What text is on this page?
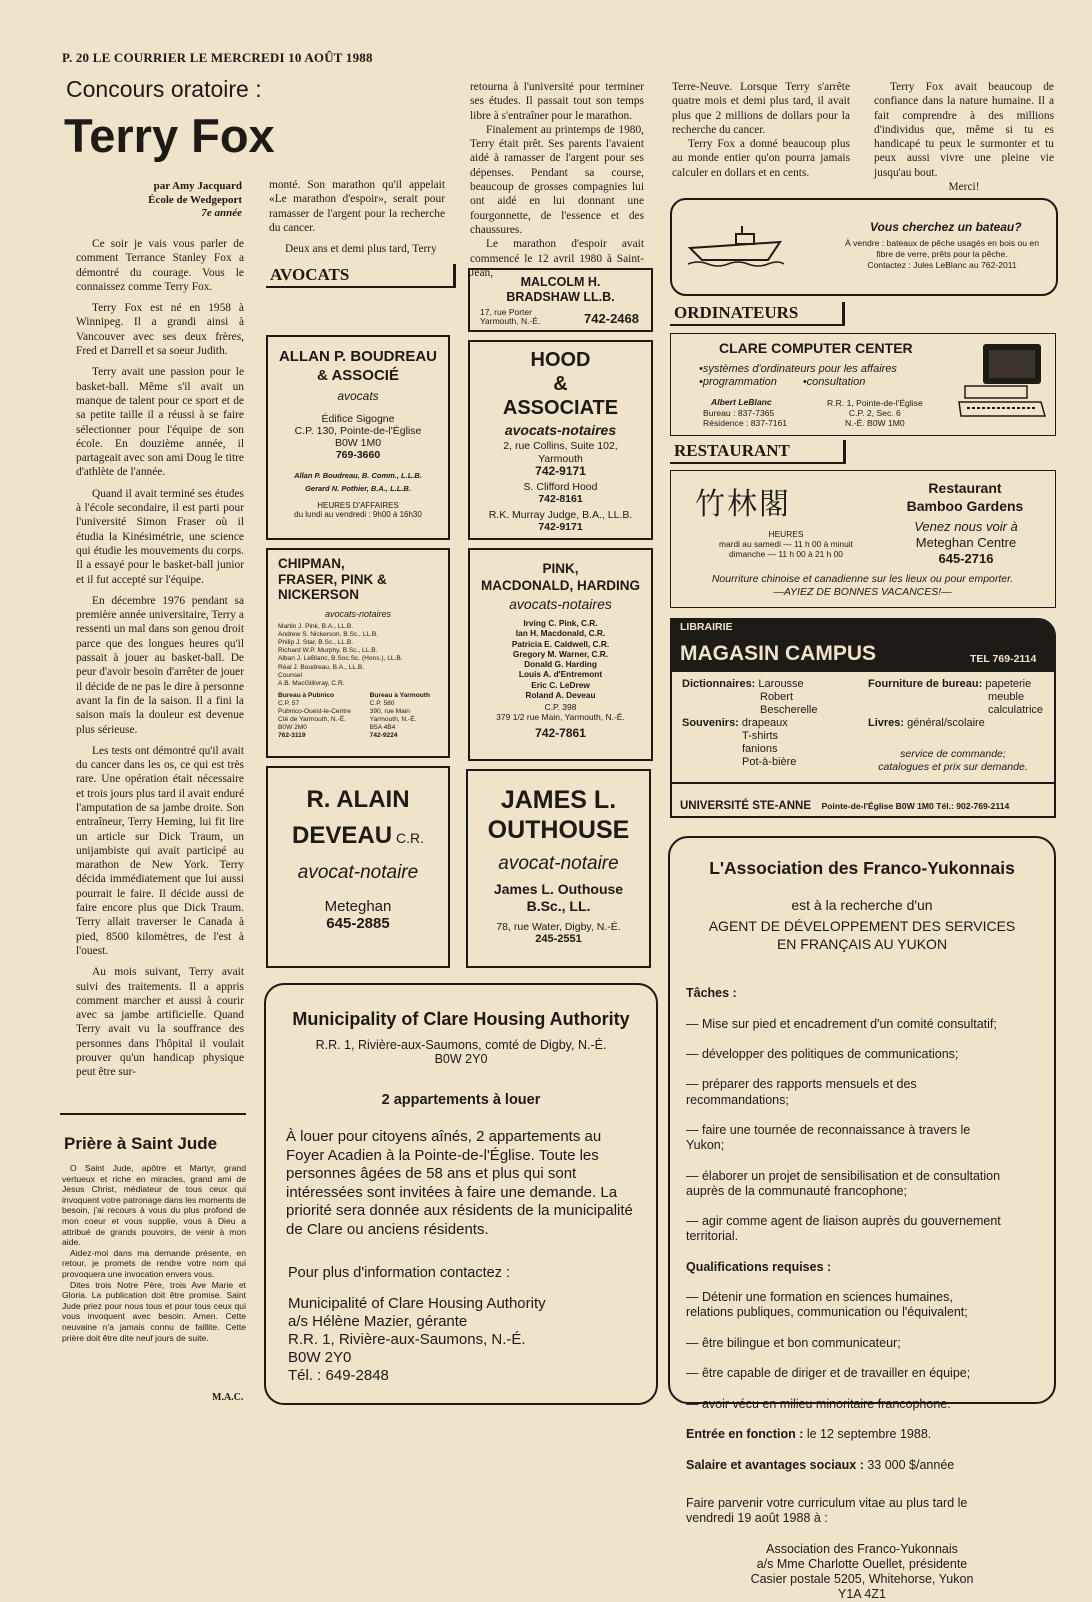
P. 20 LE COURRIER LE MERCREDI 10 AOÛT 1988
Concours oratoire :
Terry Fox
par Amy Jacquard
École de Wedgeport
7e année

Ce soir je vais vous parler de comment Terrance Stanley Fox a démontré du courage. Vous le connaissez comme Terry Fox.

Terry Fox est né en 1958 à Winnipeg. Il a grandi ainsi à Vancouver avec ses deux frères, Fred et Darrell et sa soeur Judith.

Terry avait une passion pour le basket-ball. Même s'il avait un manque de talent pour ce sport et de sa petite taille il a réussi à se faire sélectionner pour l'équipe de son école. En douzième année, il partageait avec son ami Doug le titre d'athlète de l'année.

Quand il avait terminé ses études à l'école secondaire, il est parti pour l'université Simon Fraser où il étudia la Kinésimétrie, une science qui étudie les mouvements du corps. Il a essayé pour le basket-ball junior et il fut accepté sur l'équipe.

En décembre 1976 pendant sa première année universitaire, Terry a ressenti un mal dans son genou droit parce que des longues heures qu'il passait à jouer au basket-ball. De peur d'avoir besoin d'arrêter de jouer il décide de ne pas le dire à personne avant la fin de la saison. Il a fini la saison mais la douleur est devenue plus sérieuse.

Les tests ont démontré qu'il avait du cancer dans les os, ce qui est très rare. Une opération était nécessaire et trois jours plus tard il avait enduré l'amputation de sa jambe droite. Son entraîneur, Terry Heming, lui fit lire un article sur Dick Traum, un unijambiste qui avait participé au marathon de New York. Terry décida immédiatement que lui aussi pourrait le faire. Il décide aussi de faire encore plus que Dick Traum. Terry allait traverser le Canada à pied, 8500 kilomètres, de l'est à l'ouest.

Au mois suivant, Terry avait suivi des traitements. Il a appris comment marcher et aussi à courir avec sa jambe artificielle. Quand Terry avait vu la souffrance des personnes dans l'hôpital il voulait prouver qu'un handicap physique peut être sur-

monté. Son marathon qu'il appelait «Le marathon d'espoir», serait pour ramasser de l'argent pour la recherche du cancer.

Deux ans et demi plus tard, Terry

retourna à l'université pour terminer ses études. Il passait tout son temps libre à s'entraîner pour le marathon.

Finalement au printemps de 1980, Terry était prêt. Ses parents l'avaient aidé à ramasser de l'argent pour ses dépenses. Pendant sa course, beaucoup de grosses compagnies lui ont aidé en lui donnant une fourgonnette, de l'essence et des chaussures.

Le marathon d'espoir avait commencé le 12 avril 1980 à Saint-Jean,

Terre-Neuve. Lorsque Terry s'arrête quatre mois et demi plus tard, il avait plus que 2 millions de dollars pour la recherche du cancer.

Terry Fox a donné beaucoup plus au monde entier qu'on pourra jamais calculer en dollars et en cents.

Terry Fox avait beaucoup de confiance dans la nature humaine. Il a fait comprendre à des millions d'individus que, même si tu es handicapé tu peux le surmonter et tu peux aussi vivre une pleine vie jusqu'au bout.

Merci!

Prière à Saint Jude

O Saint Jude, apôtre et Martyr, grand vertueux et riche en miracles, grand ami de Jesus Christ, médiateur de tous ceux qui invoquent votre patronage dans les moments de besoin, j'ai recours à vous du plus profond de mon coeur et vous supplie, vous à Dieu a attribué de grands pouvoirs, de venir à mon aide.

Aidez-moi dans ma demande présente, en retour, je promets de rendre votre nom qui provoquera une invocation envers vous.

Dites trois Notre Père, trois Ave Marie et Gloria. La publication doit être promise. Saint Jude priez pour nous tous et pour tous ceux qui vous invoquent avec besoin. Amen. Cette neuvaine n'a jamais connu de faillite. Cette prière doit être dite neuf jours de suite.

M.A.C.
AVOCATS
ALLAN P. BOUDREAU
& ASSOCIÉ
avocats
Édifice Sigogne
C.P. 130, Pointe-de-l'Église
B0W 1M0
769-3660
Allan P. Boudreau, B. Comm., L.L.B.
Gerard N. Pothier, B.A., L.L.B.
HEURES D'AFFAIRES
du lundi au vendredi : 9h00 à 16h30
CHIPMAN,
FRASER, PINK &
NICKERSON
avocats-notaires
Martin J. Pink, B.A., LL.B.
Andrew S. Nickerson, B.Sc., LL.B.
Philip J. Star, B.Sc., LL.B.
Richard W.P. Murphy, B.Sc., LL.B.
Alban J. LeBlanc, B.Soc.Sc. (Hons.), LL.B.
Réal J. Boudreau, B.A., LL.B.
Counsel
A.B. MacGillivray, C.R.
Bureau à Pubnico
C.P. 57
Pubnico-Ouest-le-Centre
Cté de Yarmouth, N.-É.
B0W 2M0
762-3119
Bureau à Yarmouth
C.P. 580
390, rue Main
Yarmouth, N.-É.
B5A 4B4
742-9224
R. ALAIN
DEVEAU C.R.
avocat-notaire
Meteghan
645-2885
MALCOLM H.
BRADSHAW LL.B.
17, rue Porter
Yarmouth, N.-É.	742-2468
HOOD
&
ASSOCIATE
avocats-notaires
2, rue Collins, Suite 102,
Yarmouth
742-9171
S. Clifford Hood
742-8161
R.K. Murray Judge, B.A., LL.B.
742-9171
PINK,
MACDONALD, HARDING
avocats-notaires
Irving C. Pink, C.R.
Ian H. Macdonald, C.R.
Patricia E. Caldwell, C.R.
Gregory M. Warner, C.R.
Donald G. Harding
Louis A. d'Entremont
Eric C. LeDrew
Roland A. Deveau
C.P. 398
379 1/2 rue Main, Yarmouth, N.-É.
742-7861
JAMES L.
OUTHOUSE
avocat-notaire
James L. Outhouse
B.Sc., LL.
78, rue Water, Digby, N.-É.
245-2551
Vous cherchez un bateau?
À vendre : bateaux de pêche usagés en bois ou en fibre de verre, prêts pour la pêche.
Contactez : Jules LeBlanc au 762-2011
ORDINATEURS
CLARE COMPUTER CENTER
•systèmes d'ordinateurs pour les affaires
•programmation •consultation
Albert LeBlanc
Bureau : 837-7365
Résidence : 837-7161
R.R. 1, Pointe-de-l'Église
C.P. 2, Sec. 6
N.-É. B0W 1M0
RESTAURANT
竹林閣	Restaurant
Bamboo Gardens
HEURES
mardi au samedi — 11 h 00 à minuit
dimanche — 11 h 00 à 21 h 00
Venez nous voir à
Meteghan Centre
645-2716
Nourriture chinoise et canadienne sur les lieux ou pour emporter.
—AYIEZ DE BONNES VACANCES!—
LIBRAIRIE
MAGASIN CAMPUS	TEL 769-2114
Dictionnaires: Larousse
Robert
Bescherelle
Souvenirs: drapeaux
T-shirts
fanions
Pot-à-bière
Fourniture de bureau: papeterie
meuble
calculatrice
Livres: général/scolaire
service de commande;
catalogues et prix sur demande.
UNIVERSITÉ STE-ANNE Pointe-de-l'Église B0W 1M0 Tél.: 902-769-2114
Municipality of Clare Housing Authority
R.R. 1, Rivière-aux-Saumons, comté de Digby, N.-É.
B0W 2Y0
2 appartements à louer
À louer pour citoyens aînés, 2 appartements au Foyer Acadien à la Pointe-de-l'Église. Toute les personnes âgées de 58 ans et plus qui sont intéressées sont invitées à faire une demande. La priorité sera donnée aux résidents de la municipalité de Clare ou anciens résidents.
Pour plus d'information contactez :
Municipalité of Clare Housing Authority
a/s Hélène Mazier, gérante
R.R. 1, Rivière-aux-Saumons, N.-É.
B0W 2Y0
Tél. : 649-2848
L'Association des Franco-Yukonnais
est à la recherche d'un
AGENT DE DÉVELOPPEMENT DES SERVICES
EN FRANÇAIS AU YUKON

Tâches :

— Mise sur pied et encadrement d'un comité consultatif;

— développer des politiques de communications;

— préparer des rapports mensuels et des
recommandations;

— faire une tournée de reconnaissance à travers le
Yukon;

— élaborer un projet de sensibilisation et de consultation
auprès de la communauté francophone;

— agir comme agent de liaison auprès du gouvernement
territorial.

Qualifications requises :

— Détenir une formation en sciences humaines,
relations publiques, communication ou l'équivalent;

— être bilingue et bon communicateur;

— être capable de diriger et de travailler en équipe;

— avoir vécu en milieu minoritaire francophone.

Entrée en fonction : le 12 septembre 1988.

Salaire et avantages sociaux : 33 000 $/année

Faire parvenir votre curriculum vitae au plus tard le
vendredi 19 août 1988 à :

Association des Franco-Yukonnais
a/s Mme Charlotte Ouellet, présidente
Casier postale 5205, Whitehorse, Yukon
Y1A 4Z1
